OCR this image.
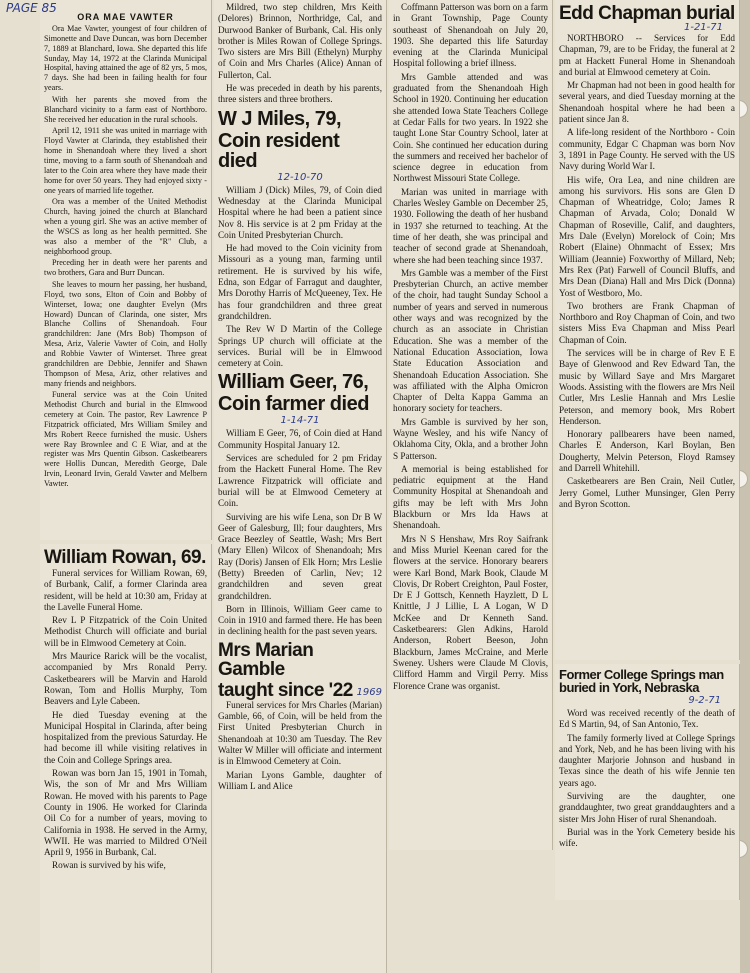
ORA MAE VAWTER

Ora Mae Vawter, youngest of four children of Simonette and Dave Duncan, was born December 7, 1889 at Blanchard, Iowa. She departed this life Sunday, May 14, 1972 at the Clarinda Municipal Hospital, having attained the age of 82 yrs, 5 mos, 7 days. She had been in failing health for four years.

With her parents she moved from the Blanchard vicinity to a farm east of Northboro. She received her education in the rural schools.

April 12, 1911 she was united in marriage with Floyd Vawter at Clarinda, they established their home in Shenandoah where they lived a short time, moving to a farm south of Shenandoah and later to the Coin area where they have made their home for over 50 years. They had enjoyed sixty - one years of married life together.

Ora was a member of the United Methodist Church, having joined the church at Blanchard when a young girl. She was an active member of the WSCS as long as her health permitted. She was also a member of the "R" Club, a neighborhood group.

Preceding her in death were her parents and two brothers, Gara and Burr Duncan.

She leaves to mourn her passing, her husband, Floyd, two sons, Elton of Coin and Bobby of Winterset, Iowa; one daughter Evelyn (Mrs Howard) Duncan of Clarinda, one sister, Mrs Blanche Collins of Shenandoah. Four grandchildren: Jane (Mrs Bob) Thompson of Mesa, Ariz, Valerie Vawter of Coin, and Holly and Robbie Vawter of Winterset. Three great grandchildren are Debbie, Jennifer and Shawn Thompson of Mesa, Ariz, other relatives and many friends and neighbors.

Funeral service was at the Coin United Methodist Church and burial in the Elmwood cemetery at Coin. The pastor, Rev Lawrence P Fitzpatrick officiated, Mrs William Smiley and Mrs Robert Reece furnished the music. Ushers were Ray Brownlee and C E Wiar, and at the register was Mrs Quentin Gibson. Casketbearers were Hollis Duncan, Meredith George, Dale Irvin, Leonard Irvin, Gerald Vawter and Melbern Vawter.

PAGE 85
William Rowan, 69.

Funeral services for William Rowan, 69, of Burbank, Calif, a former Clarinda area resident, will be held at 10:30 am, Friday at the Lavelle Funeral Home.

Rev L P Fitzpatrick of the Coin United Methodist Church will officiate and burial will be in Elmwood Cemetery at Coin.

Mrs Maurice Rarick will be the vocalist, accompanied by Mrs Ronald Perry. Casketbearers will be Marvin and Harold Rowan, Tom and Hollis Murphy, Tom Beavers and Lyle Cabeen.

He died Tuesday evening at the Municipal Hospital in Clarinda, after being hospitalized from the previous Saturday. He had become ill while visiting relatives in the Coin and College Springs area.

Rowan was born Jan 15, 1901 in Tomah, Wis, the son of Mr and Mrs William Rowan. He moved with his parents to Page County in 1906. He worked for Clarinda Oil Co for a number of years, moving to California in 1938. He served in the Army, WWII. He was married to Mildred O'Neil April 9, 1956 in Burbank, Cal.

Rowan is survived by his wife,

Mildred, two step children, Mrs Keith (Delores) Brinnon, Northridge, Cal, and Durwood Banker of Burbank, Cal. His only brother is Miles Rowan of College Springs. Two sisters are Mrs Bill (Ethelyn) Murphy of Coin and Mrs Charles (Alice) Annan of Fullerton, Cal.

He was preceded in death by his parents, three sisters and three brothers.

W J Miles, 79,
Coin resident died
12-10-70

William J (Dick) Miles, 79, of Coin died Wednesday at the Clarinda Municipal Hospital where he had been a patient since Nov 8. His service is at 2 pm Friday at the Coin United Presbyterian Church.

He had moved to the Coin vicinity from Missouri as a young man, farming until retirement. He is survived by his wife, Edna, son Edgar of Farragut and daughter, Mrs Dorothy Harris of McQueeney, Tex. He has four grandchildren and three great grandchildren.

The Rev W D Martin of the College Springs UP church will officiate at the services. Burial will be in Elmwood cemetery at Coin.

William Geer, 76,
Coin farmer died
1-14-71

William E Geer, 76, of Coin died at Hand Community Hospital January 12.

Services are scheduled for 2 pm Friday from the Hackett Funeral Home. The Rev Lawrence Fitzpatrick will officiate and burial will be at Elmwood Cemetery at Coin.

Surviving are his wife Lena, son Dr B W Geer of Galesburg, Ill; four daughters, Mrs Grace Beezley of Seattle, Wash; Mrs Bert (Mary Ellen) Wilcox of Shenandoah; Mrs Ray (Doris) Jansen of Elk Horn; Mrs Leslie (Betty) Breeden of Carlin, Nev; 12 grandchildren and seven great grandchildren.

Born in Illinois, William Geer came to Coin in 1910 and farmed there. He has been in declining health for the past seven years.

Mrs Marian Gamble
taught since '22 1969

Funeral services for Mrs Charles (Marian) Gamble, 66, of Coin, will be held from the First United Presbyterian Church in Shenandoah at 10:30 am Tuesday. The Rev Walter W Miller will officiate and interment is in Elmwood Cemetery at Coin.

Marian Lyons Gamble, daughter of William L and Alice

Coffmann Patterson was born on a farm in Grant Township, Page County southeast of Shenandoah on July 20, 1903. She departed this life Saturday evening at the Clarinda Municipal Hospital following a brief illness.

Mrs Gamble attended and was graduated from the Shenandoah High School in 1920. Continuing her education she attended Iowa State Teachers College at Cedar Falls for two years. In 1922 she taught Lone Star Country School, later at Coin. She continued her education during the summers and received her bachelor of science degree in education from Northwest Missouri State College.

Marian was united in marriage with Charles Wesley Gamble on December 25, 1930. Following the death of her husband in 1937 she returned to teaching. At the time of her death, she was principal and teacher of second grade at Shenandoah, where she had been teaching since 1937.

Mrs Gamble was a member of the First Presbyterian Church, an active member of the choir, had taught Sunday School a number of years and served in numerous other ways and was recognized by the church as an associate in Christian Education. She was a member of the National Education Association, Iowa State Education Association and Shenandoah Education Association. She was affiliated with the Alpha Omicron Chapter of Delta Kappa Gamma an honorary society for teachers.

Mrs Gamble is survived by her son, Wayne Wesley, and his wife Nancy of Oklahoma City, Okla, and a brother John S Patterson.

A memorial is being established for pediatric equipment at the Hand Community Hospital at Shenandoah and gifts may be left with Mrs John Blackburn or Mrs Ida Haws at Shenandoah.

Mrs N S Henshaw, Mrs Roy Saifrank and Miss Muriel Keenan cared for the flowers at the service. Honorary bearers were Karl Bond, Mark Book, Claude M Clovis, Dr Robert Creighton, Paul Foster, Dr E J Gottsch, Kenneth Hayzlett, D L Knittle, J J Lillie, L A Logan, W D McKee and Dr Kenneth Sand. Casketbearers: Glen Adkins, Harold Anderson, Robert Beeson, John Blackburn, James McCraine, and Merle Sweney. Ushers were Claude M Clovis, Clifford Hamm and Virgil Perry. Miss Florence Crane was organist.

Edd Chapman burial
1-21-71

NORTHBORO -- Services for Edd Chapman, 79, are to be Friday, the funeral at 2 pm at Hackett Funeral Home in Shenandoah and burial at Elmwood cemetery at Coin.

Mr Chapman had not been in good health for several years, and died Tuesday morning at the Shenandoah hospital where he had been a patient since Jan 8.

A life-long resident of the Northboro - Coin community, Edgar C Chapman was born Nov 3, 1891 in Page County. He served with the US Navy during World War I.

His wife, Ora Lea, and nine children are among his survivors. His sons are Glen D Chapman of Wheatridge, Colo; James R Chapman of Arvada, Colo; Donald W Chapman of Roseville, Calif, and daughters, Mrs Dale (Evelyn) Morelock of Coin; Mrs Robert (Elaine) Ohnmacht of Essex; Mrs William (Jeannie) Foxworthy of Millard, Neb; Mrs Rex (Pat) Farwell of Council Bluffs, and Mrs Dean (Diana) Hall and Mrs Dick (Donna) Yost of Westboro, Mo.

Two brothers are Frank Chapman of Northboro and Roy Chapman of Coin, and two sisters Miss Eva Chapman and Miss Pearl Chapman of Coin.

The services will be in charge of Rev E E Baye of Glenwood and Rev Edward Tan, the music by Willard Saye and Mrs Margaret Woods. Assisting with the flowers are Mrs Neil Cutler, Mrs Leslie Hannah and Mrs Leslie Peterson, and memory book, Mrs Robert Henderson.

Honorary pallbearers have been named, Charles E Anderson, Karl Boylan, Ben Dougherty, Melvin Peterson, Floyd Ramsey and Darrell Whitehill.

Casketbearers are Ben Crain, Neil Cutler, Jerry Gomel, Luther Munsinger, Glen Perry and Byron Scotton.

Former College Springs man buried in York, Nebraska
9-2-71

Word was received recently of the death of Ed S Martin, 94, of San Antonio, Tex.

The family formerly lived at College Springs and York, Neb, and he has been living with his daughter Marjorie Johnson and husband in Texas since the death of his wife Jennie ten years ago.

Surviving are the daughter, one granddaughter, two great granddaughters and a sister Mrs John Hiser of rural Shenandoah.

Burial was in the York Cemetery beside his wife.
